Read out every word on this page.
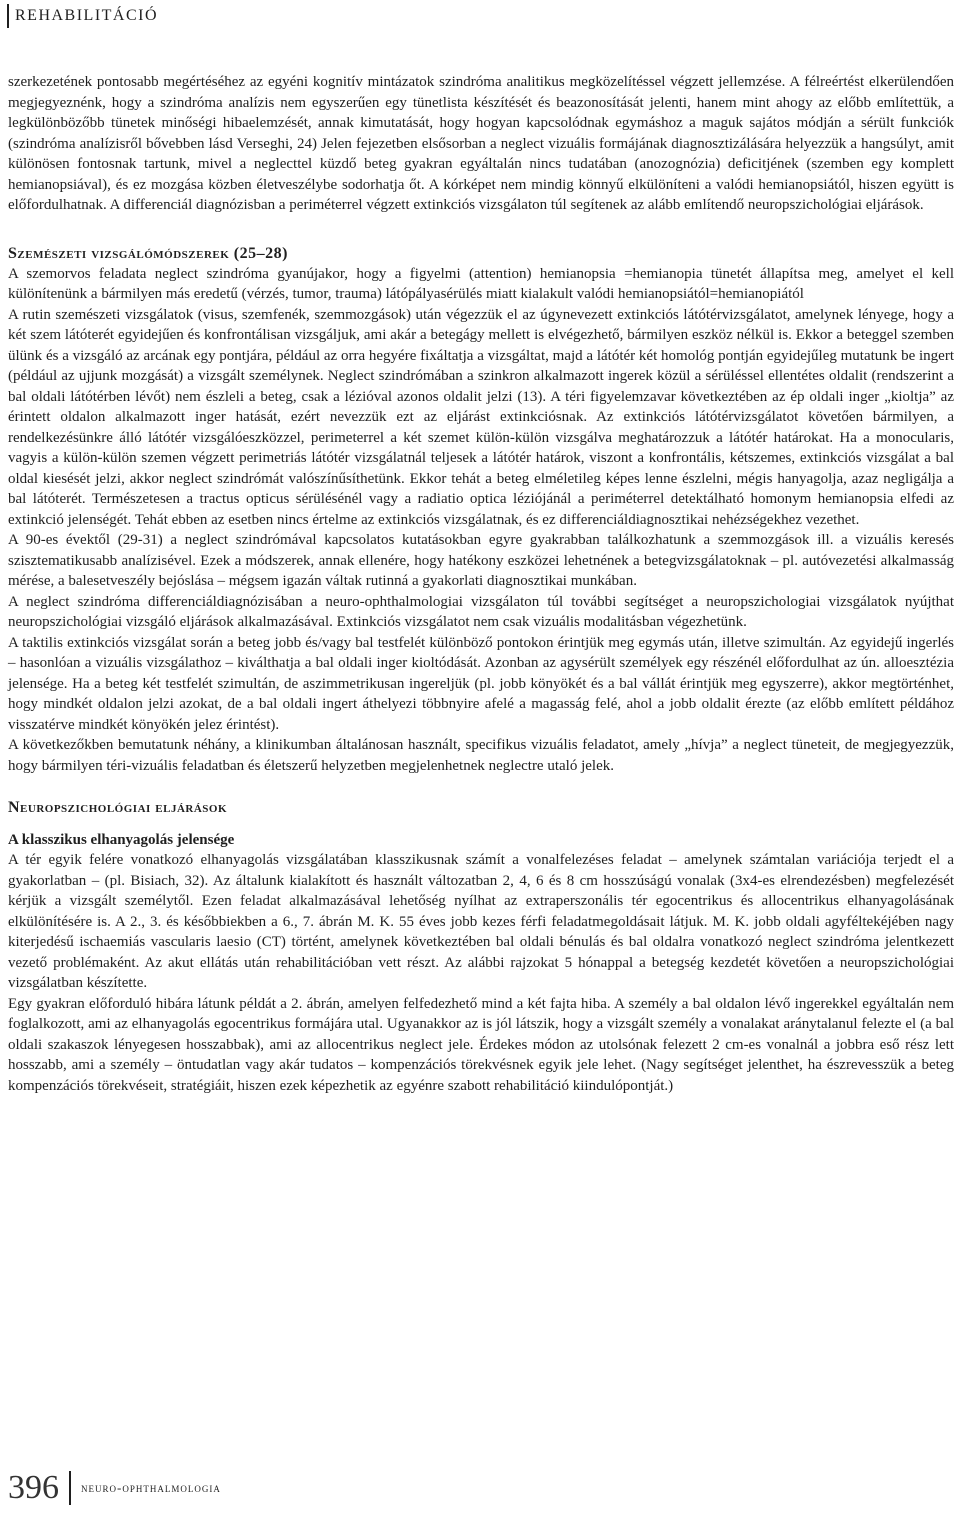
REHABILITÁCIÓ

szerkezetének pontosabb megértéséhez az egyéni kognitív mintázatok szindróma analitikus megközelítéssel végzett jellemzése. A félreértést elkerülendően megjegyeznénk, hogy a szindróma analízis nem egyszerűen egy tünetlista készítését és beazonosítását jelenti, hanem mint ahogy az előbb említettük, a legkülönbözőbb tünetek minőségi hibaelemzését, annak kimutatását, hogy hogyan kapcsolódnak egymáshoz a maguk sajátos módján a sérült funkciók (szindróma analízisről bővebben lásd Verseghi, 24) Jelen fejezetben elsősorban a neglect vizuális formájának diagnosztizálására helyezzük a hangsúlyt, amit különösen fontosnak tartunk, mivel a neglecttel küzdő beteg gyakran egyáltalán nincs tudatában (anozognózia) deficitjének (szemben egy komplett hemianopsiával), és ez mozgása közben életveszélybe sodorhatja őt. A kórképet nem mindig könnyű elkülöníteni a valódi hemianopsiától, hiszen együtt is előfordulhatnak. A differenciál diagnózisban a periméterrel végzett extinkciós vizsgálaton túl segítenek az alább említendő neuropszichológiai eljárások.

Szemészeti vizsgálómódszerek (25–28)

A szemorvos feladata neglect szindróma gyanújakor, hogy a figyelmi (attention) hemianopsia =hemianopia tünetét állapítsa meg, amelyet el kell különítenünk a bármilyen más eredetű (vérzés, tumor, trauma) látópályasérülés miatt kialakult valódi hemianopsiától=hemianopiától

A rutin szemészeti vizsgálatok (visus, szemfenék, szemmozgások) után végezzük el az úgynevezett extinkciós látótérvizsgálatot, amelynek lényege, hogy a két szem látóterét egyidejűen és konfrontálisan vizsgáljuk, ami akár a betegágy mellett is elvégezhető, bármilyen eszköz nélkül is. Ekkor a beteggel szemben ülünk és a vizsgáló az arcának egy pontjára, például az orra hegyére fixáltatja a vizsgáltat, majd a látótér két homológ pontján egyidejűleg mutatunk be ingert (például az ujjunk mozgását) a vizsgált személynek. Neglect szindrómában a szinkron alkalmazott ingerek közül a sérüléssel ellentétes oldalit (rendszerint a bal oldali látótérben lévőt) nem észleli a beteg, csak a lézióval azonos oldalit jelzi (13). A téri figyelemzavar következtében az ép oldali inger „kioltja” az érintett oldalon alkalmazott inger hatását, ezért nevezzük ezt az eljárást extinkciósnak. Az extinkciós látótérvizsgálatot követően bármilyen, a rendelkezésünkre álló látótér vizsgálóeszközzel, perimeterrel a két szemet külön-külön vizsgálva meghatározzuk a látótér határokat. Ha a monocularis, vagyis a külön-külön szemen végzett perimetriás látótér vizsgálatnál teljesek a látótér határok, viszont a konfrontális, kétszemes, extinkciós vizsgálat a bal oldal kiesését jelzi, akkor neglect szindrómát valószínűsíthetünk. Ekkor tehát a beteg elméletileg képes lenne észlelni, mégis hanyagolja, azaz negligálja a bal látóterét. Természetesen a tractus opticus sérülésénél vagy a radiatio optica léziójánál a periméterrel detektálható homonym hemianopsia elfedi az extinkció jelenségét. Tehát ebben az esetben nincs értelme az extinkciós vizsgálatnak, és ez differenciáldiagnosztikai nehézségekhez vezethet.

A 90-es évektől (29-31) a neglect szindrómával kapcsolatos kutatásokban egyre gyakrabban találkozhatunk a szemmozgások ill. a vizuális keresés szisztematikusabb analízisével. Ezek a módszerek, annak ellenére, hogy hatékony eszközei lehetnének a betegvizsgálatoknak – pl. autóvezetési alkalmasság mérése, a balesetveszély bejóslása – mégsem igazán váltak rutinná a gyakorlati diagnosztikai munkában.

A neglect szindróma differenciáldiagnózisában a neuro-ophthalmologiai vizsgálaton túl további segítséget a neuropszichologiai vizsgálatok nyújthat neuropszichológiai vizsgáló eljárások alkalmazásával. Extinkciós vizsgálatot nem csak vizuális modalitásban végezhetünk.

A taktilis extinkciós vizsgálat során a beteg jobb és/vagy bal testfelét különböző pontokon érintjük meg egymás után, illetve szimultán. Az egyidejű ingerlés – hasonlóan a vizuális vizsgálathoz – kiválthatja a bal oldali inger kioltódását. Azonban az agysérült személyek egy részénél előfordulhat az ún. alloesztézia jelensége. Ha a beteg két testfelét szimultán, de aszimmetrikusan ingereljük (pl. jobb könyökét és a bal vállát érintjük meg egyszerre), akkor megtörténhet, hogy mindkét oldalon jelzi azokat, de a bal oldali ingert áthelyezi többnyire afelé a magasság felé, ahol a jobb oldalit érezte (az előbb említett példához visszatérve mindkét könyökén jelez érintést).

A következőkben bemutatunk néhány, a klinikumban általánosan használt, specifikus vizuális feladatot, amely „hívja” a neglect tüneteit, de megjegyezzük, hogy bármilyen téri-vizuális feladatban és életszerű helyzetben megjelenhetnek neglectre utaló jelek.

Neuropszichológiai eljárások
A klasszikus elhanyagolás jelensége

A tér egyik felére vonatkozó elhanyagolás vizsgálatában klasszikusnak számít a vonalfelezéses feladat – amelynek számtalan variációja terjedt el a gyakorlatban – (pl. Bisiach, 32). Az általunk kialakított és használt változatban 2, 4, 6 és 8 cm hosszúságú vonalak (3x4-es elrendezésben) megfelezését kérjük a vizsgált személytől. Ezen feladat alkalmazásával lehetőség nyílhat az extraperszonális tér egocentrikus és allocentrikus elhanyagolásának elkülönítésére is. A 2., 3. és későbbiekben a 6., 7. ábrán M. K. 55 éves jobb kezes férfi feladatmegoldásait látjuk. M. K. jobb oldali agyféltekéjében nagy kiterjedésű ischaemiás vascularis laesio (CT) történt, amelynek következtében bal oldali bénulás és bal oldalra vonatkozó neglect szindróma jelentkezett vezető problémaként. Az akut ellátás után rehabilitációban vett részt. Az alábbi rajzokat 5 hónappal a betegség kezdetét követően a neuropszichológiai vizsgálatban készítette.

Egy gyakran előforduló hibára látunk példát a 2. ábrán, amelyen felfedezhető mind a két fajta hiba. A személy a bal oldalon lévő ingerekkel egyáltalán nem foglalkozott, ami az elhanyagolás egocentrikus formájára utal. Ugyanakkor az is jól látszik, hogy a vizsgált személy a vonalakat aránytalanul felezte el (a bal oldali szakaszok lényegesen hosszabbak), ami az allocentrikus neglect jele. Érdekes módon az utolsónak felezett 2 cm-es vonalnál a jobbra eső rész lett hosszabb, ami a személy – öntudatlan vagy akár tudatos – kompenzációs törekvésnek egyik jele lehet. (Nagy segítséget jelenthet, ha észrevesszük a beteg kompenzációs törekvéseit, stratégiáit, hiszen ezek képezhetik az egyénre szabott rehabilitáció kiindulópontját.)

396	neuro-ophthalmologia
